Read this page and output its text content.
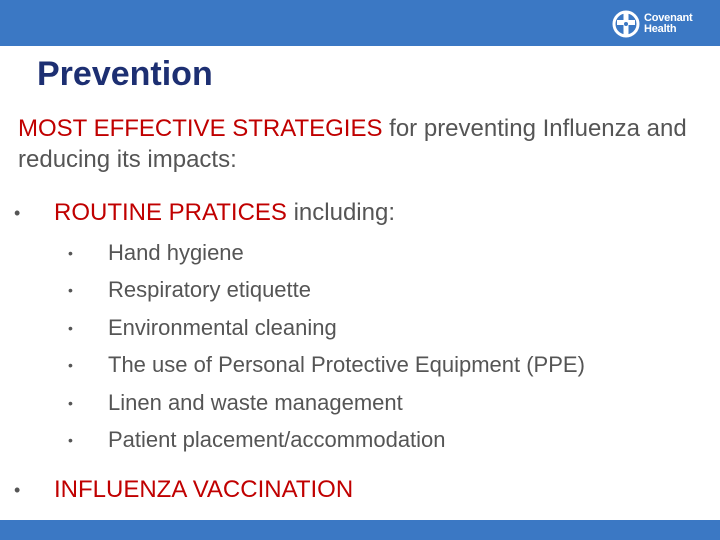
Covenant
Health
Prevention

MOST EFFECTIVE STRATEGIES for preventing Influenza and reducing its impacts:

•	ROUTINE PRATICES including:
•	Hand hygiene
•	Respiratory etiquette
•	Environmental cleaning
•	The use of Personal Protective Equipment (PPE)
•	Linen and waste management
•	Patient placement/accommodation
•	INFLUENZA VACCINATION
